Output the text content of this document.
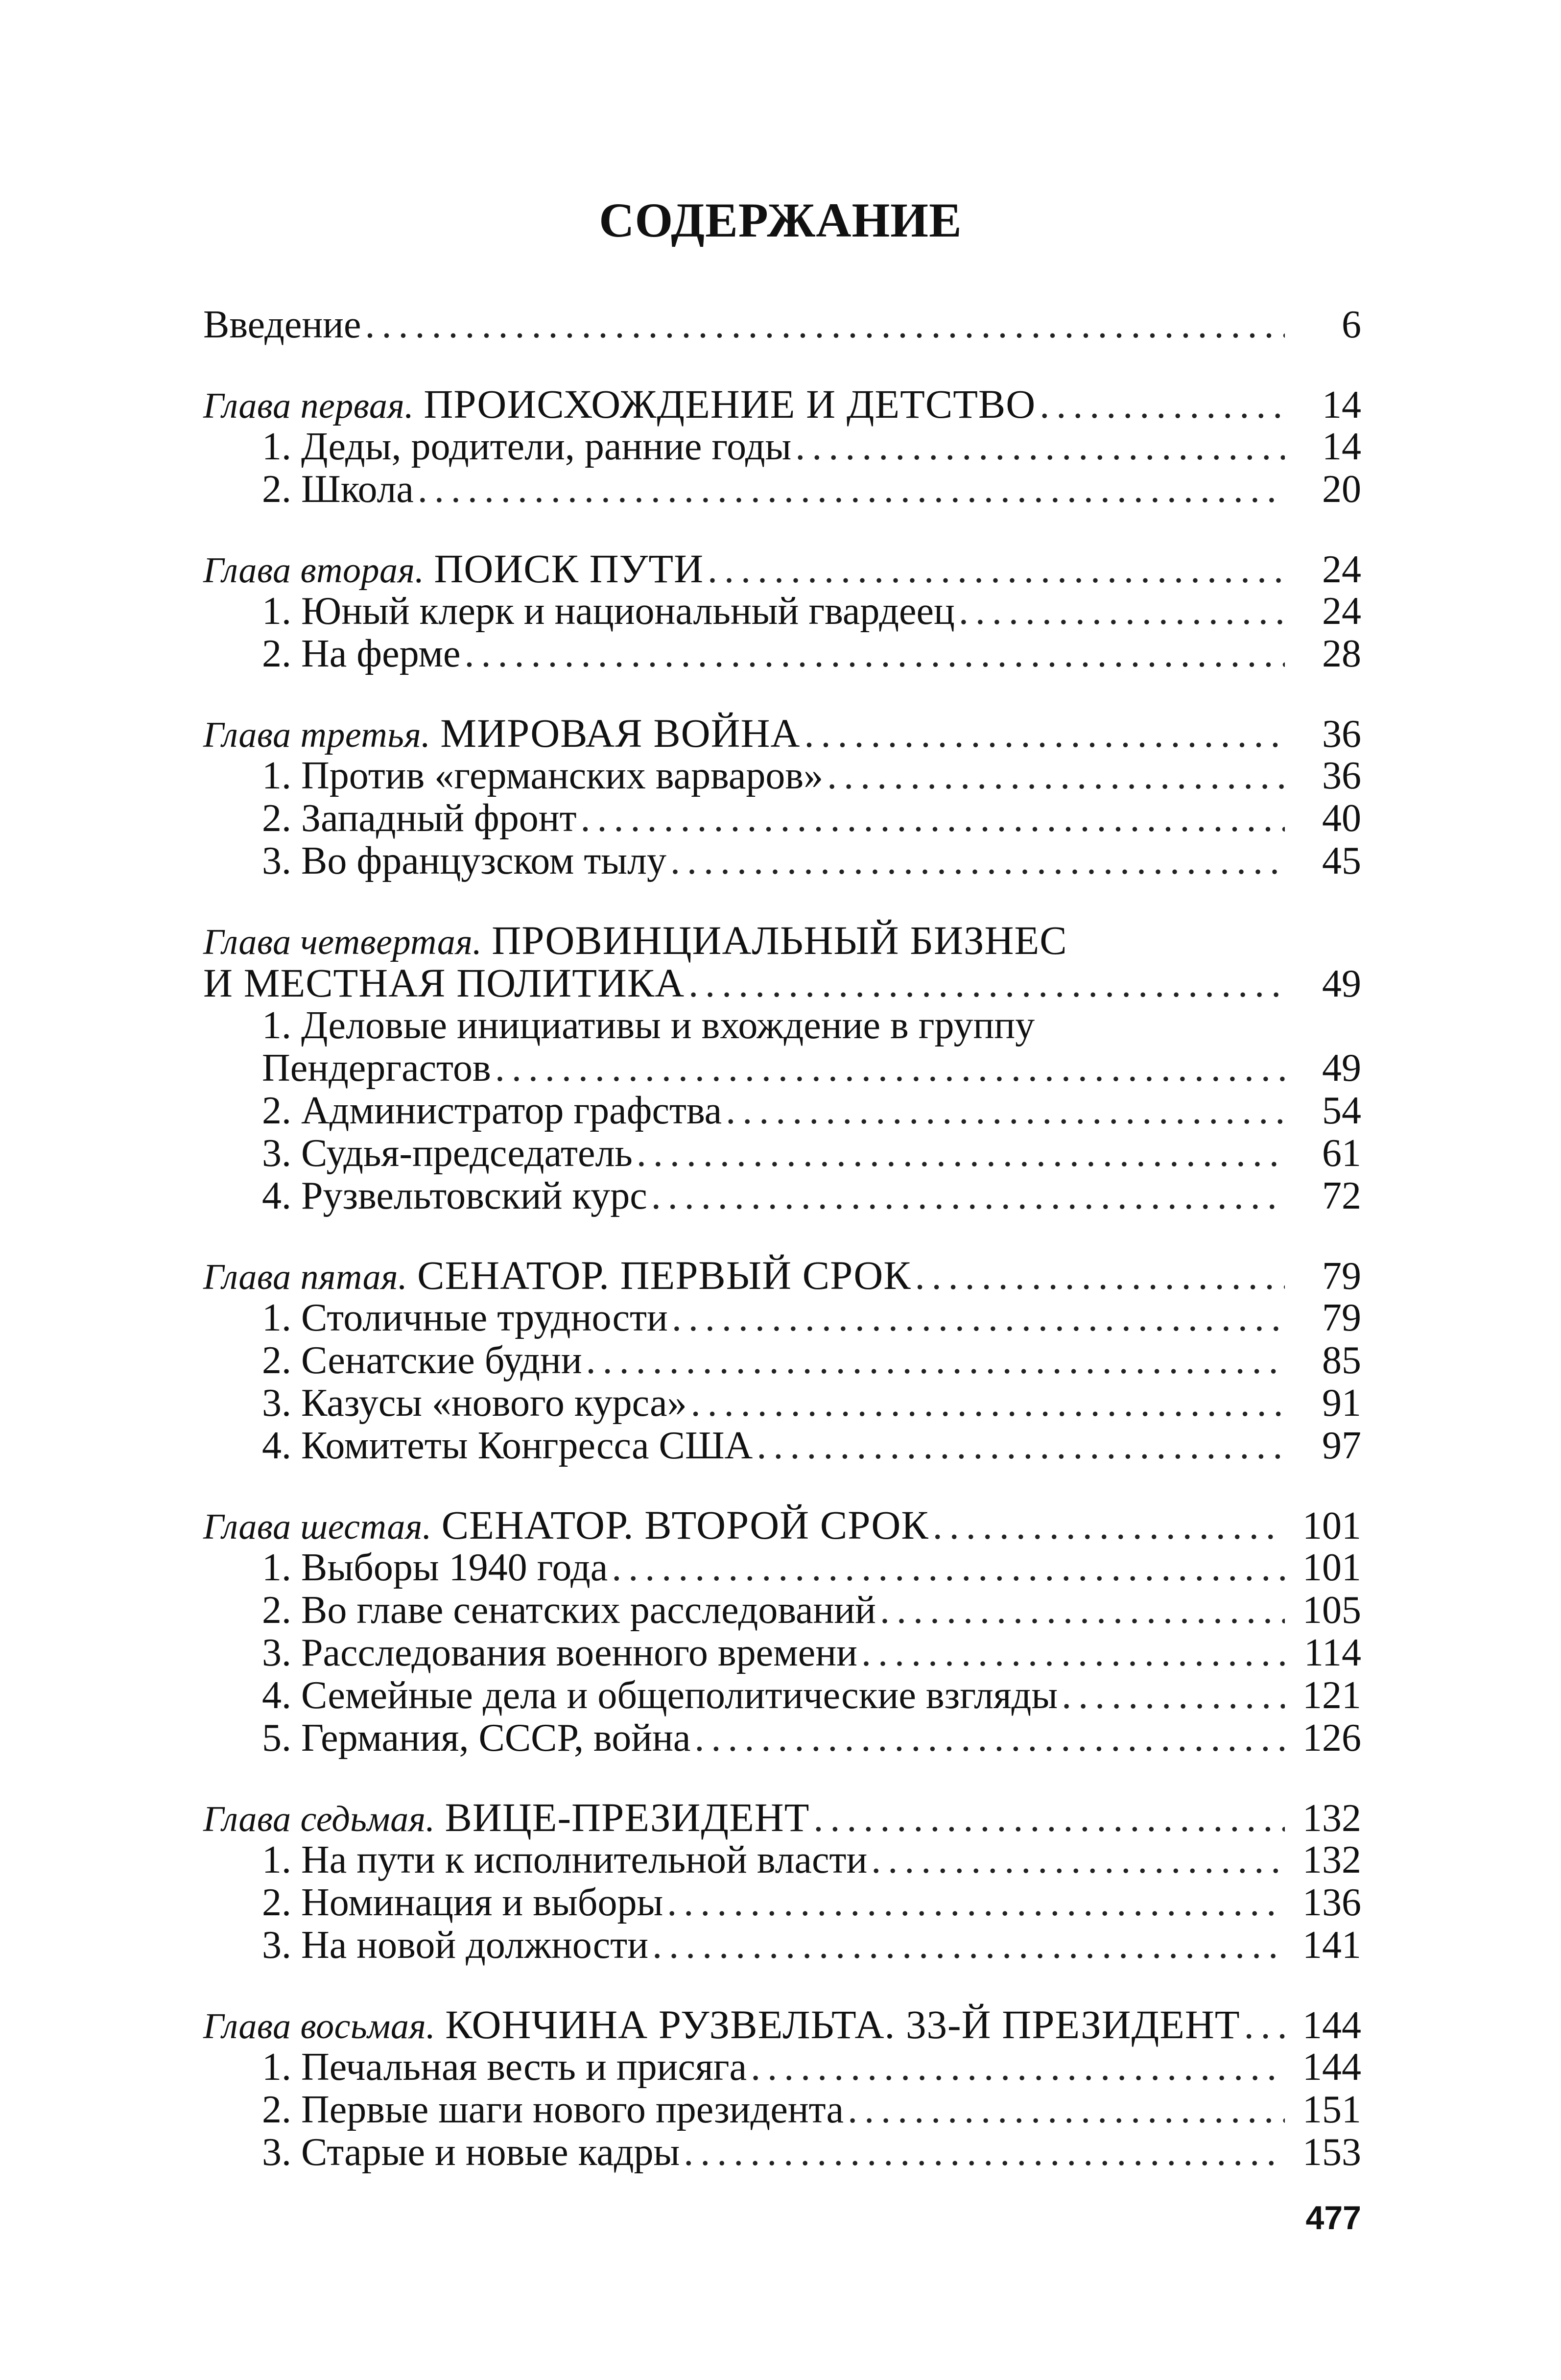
СОДЕРЖАНИЕ
Введение .....	6
Глава первая. ПРОИСХОЖДЕНИЕ И ДЕТСТВО .....	14
1. Деды, родители, ранние годы .....	14
2. Школа .....	20
Глава вторая. ПОИСК ПУТИ .....	24
1. Юный клерк и национальный гвардеец .....	24
2. На ферме .....	28
Глава третья. МИРОВАЯ ВОЙНА .....	36
1. Против «германских варваров» .....	36
2. Западный фронт .....	40
3. Во французском тылу .....	45
Глава четвертая. ПРОВИНЦИАЛЬНЫЙ БИЗНЕС
И МЕСТНАЯ ПОЛИТИКА .....	49
1. Деловые инициативы и вхождение в группу
Пендергастов .....	49
2. Администратор графства .....	54
3. Судья-председатель .....	61
4. Рузвельтовский курс .....	72
Глава пятая. СЕНАТОР. ПЕРВЫЙ СРОК .....	79
1. Столичные трудности .....	79
2. Сенатские будни .....	85
3. Казусы «нового курса» .....	91
4. Комитеты Конгресса США .....	97
Глава шестая. СЕНАТОР. ВТОРОЙ СРОК .....	101
1. Выборы 1940 года .....	101
2. Во главе сенатских расследований .....	105
3. Расследования военного времени .....	114
4. Семейные дела и общеполитические взгляды .....	121
5. Германия, СССР, война .....	126
Глава седьмая. ВИЦЕ-ПРЕЗИДЕНТ .....	132
1. На пути к исполнительной власти .....	132
2. Номинация и выборы .....	136
3. На новой должности .....	141
Глава восьмая. КОНЧИНА РУЗВЕЛЬТА. 33-Й ПРЕЗИДЕНТ ..... 144
1. Печальная весть и присяга .....	144
2. Первые шаги нового президента .....	151
3. Старые и новые кадры .....	153
477
